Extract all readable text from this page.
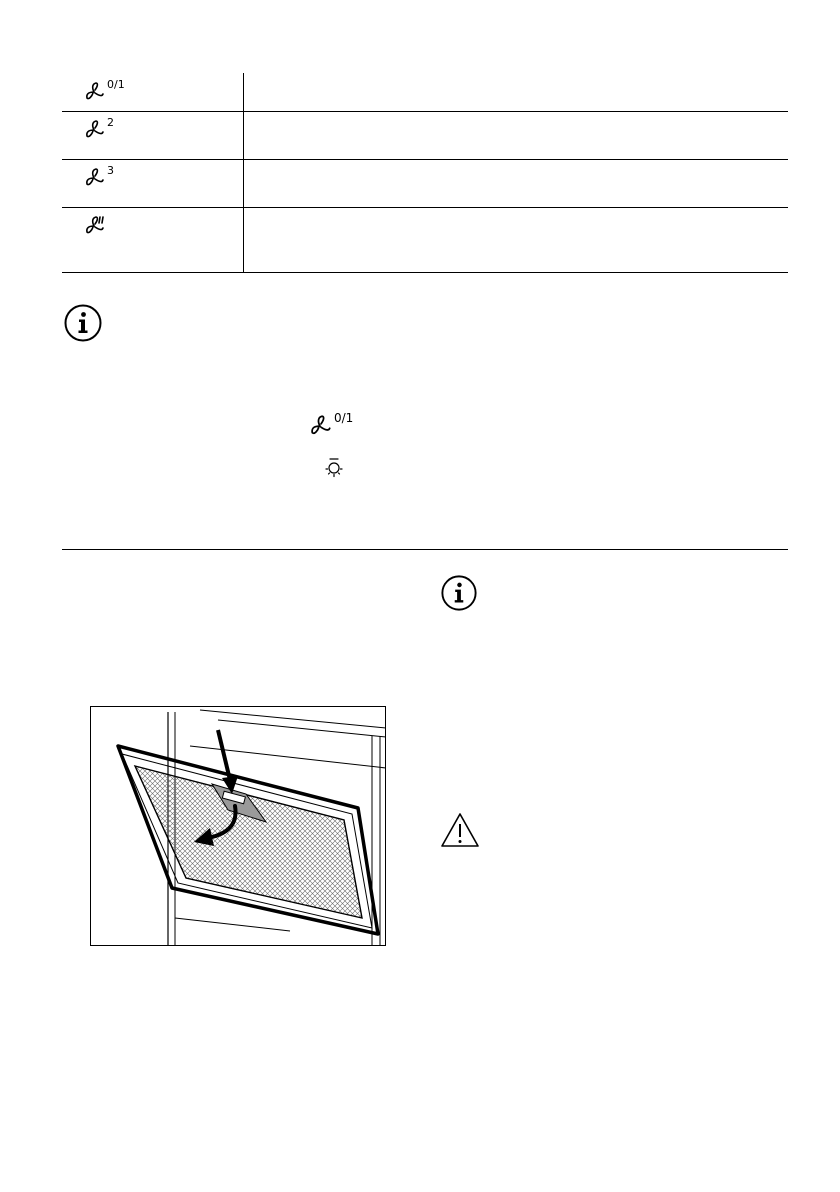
0/1
2
3
0/1
